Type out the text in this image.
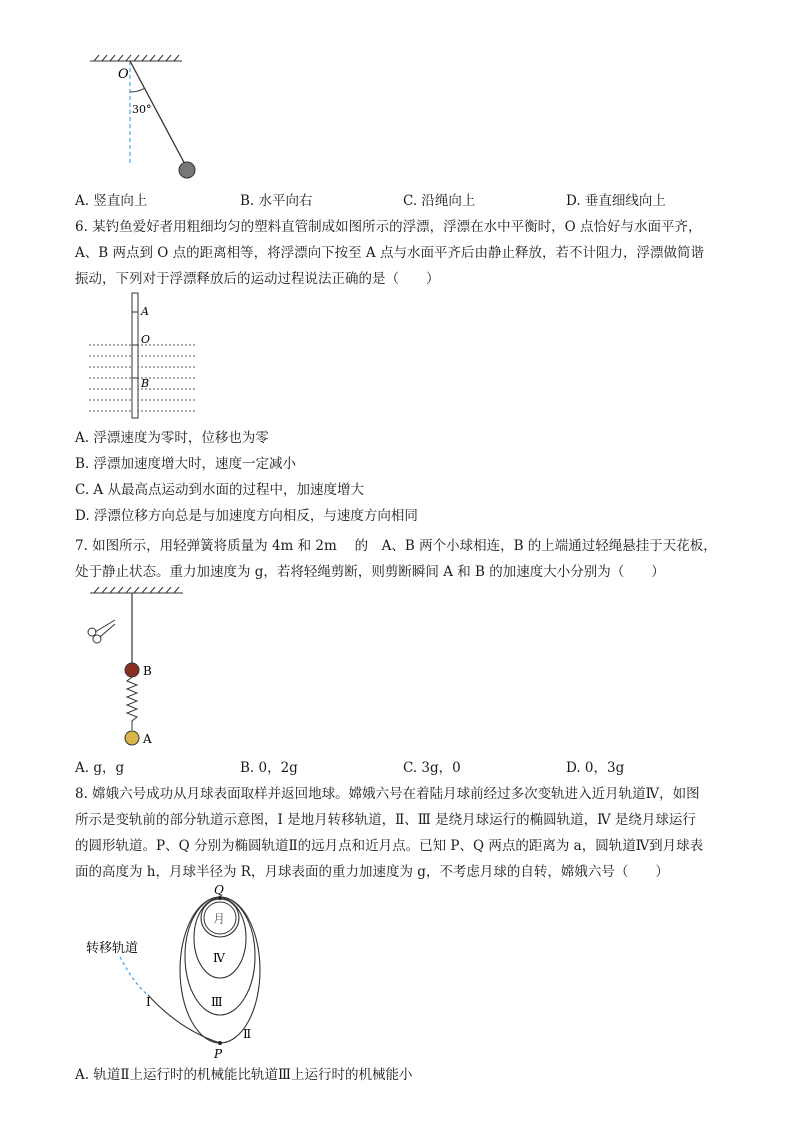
O
30°
A. 竖直向上	B. 水平向右	C. 沿绳向上	D. 垂直细线向上
6. 某钓鱼爱好者用粗细均匀的塑料直管制成如图所示的浮漂，浮漂在水中平衡时，O 点恰好与水面平齐，
A、B 两点到 O 点的距离相等，将浮漂向下按至 A 点与水面平齐后由静止释放，若不计阻力，浮漂做简谐
振动，下列对于浮漂释放后的运动过程说法正确的是（　　）
A
O
B
A. 浮漂速度为零时，位移也为零
B. 浮漂加速度增大时，速度一定减小
C. A 从最高点运动到水面的过程中，加速度增大
D. 浮漂位移方向总是与加速度方向相反，与速度方向相同
7. 如图所示，用轻弹簧将质量为 4m 和 2m　 的　A、B 两个小球相连，B 的上端通过轻绳悬挂于天花板，
处于静止状态。重力加速度为 g，若将轻绳剪断，则剪断瞬间 A 和 B 的加速度大小分别为（　　）
B
A
A. g，g	B. 0，2g	C. 3g，0	D. 0，3g
8. 嫦娥六号成功从月球表面取样并返回地球。嫦娥六号在着陆月球前经过多次变轨进入近月轨道Ⅳ，如图
所示是变轨前的部分轨道示意图，Ⅰ 是地月转移轨道，Ⅱ、Ⅲ 是绕月球运行的椭圆轨道，Ⅳ 是绕月球运行
的圆形轨道。P、Q 分别为椭圆轨道Ⅱ的远月点和近月点。已知 P、Q 两点的距离为 a，圆轨道Ⅳ到月球表
面的高度为 h，月球半径为 R，月球表面的重力加速度为 g，不考虑月球的自转，嫦娥六号（　　）
Q
月
Ⅳ
Ⅲ
Ⅱ
Ⅰ
P
转移轨道
A. 轨道Ⅱ上运行时的机械能比轨道Ⅲ上运行时的机械能小
